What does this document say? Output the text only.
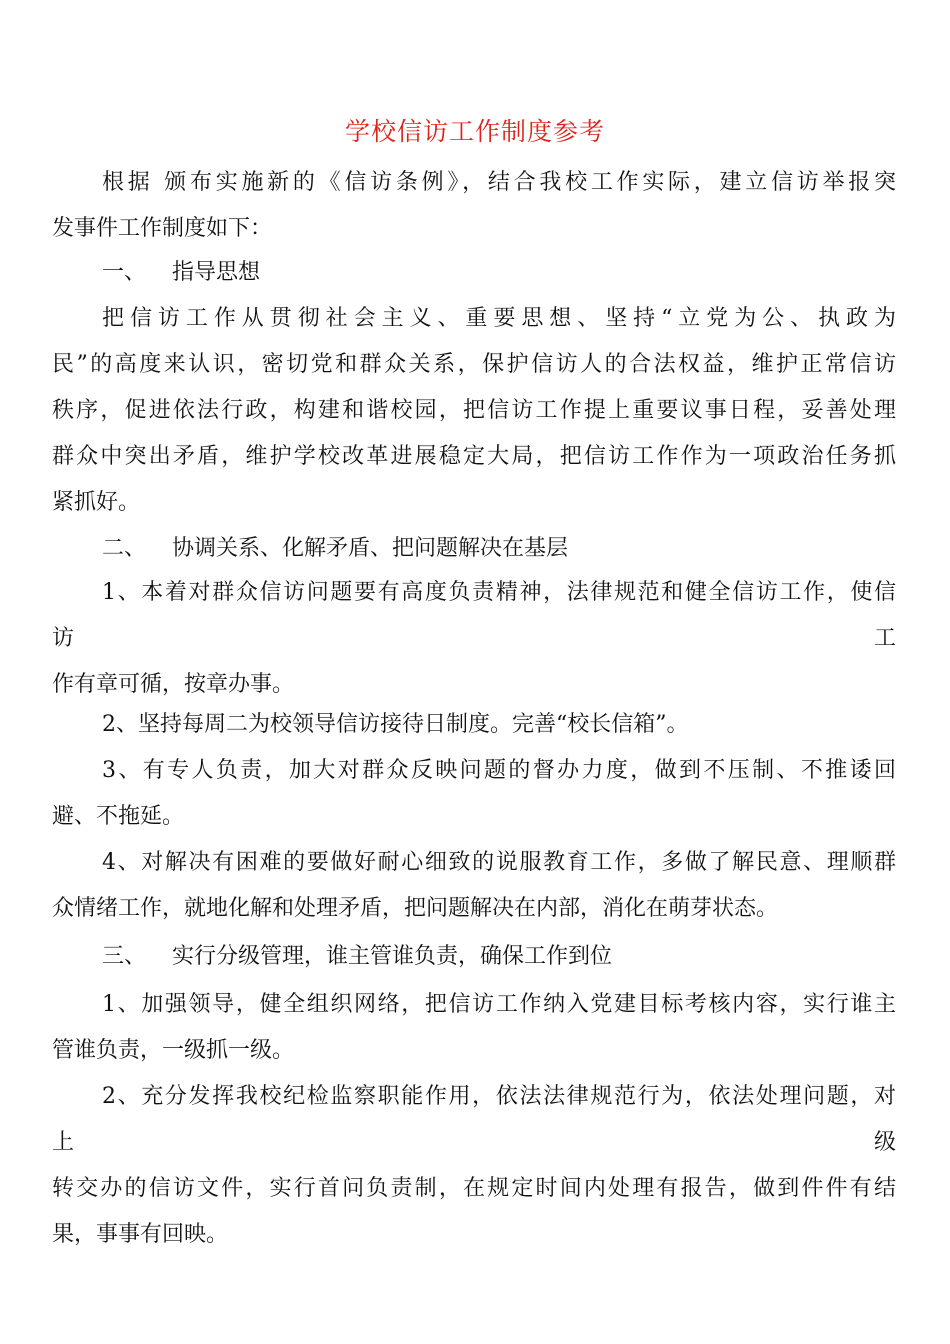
学校信访工作制度参考
根据 颁布实施新的《信访条例》，结合我校工作实际，建立信访举报突
发事件工作制度如下：
一、 指导思想
把信访工作从贯彻社会主义、重要思想、坚持“立党为公、执政为
民”的高度来认识，密切党和群众关系，保护信访人的合法权益，维护正常信访
秩序，促进依法行政，构建和谐校园，把信访工作提上重要议事日程，妥善处理
群众中突出矛盾，维护学校改革进展稳定大局，把信访工作作为一项政治任务抓
紧抓好。
二、 协调关系、化解矛盾、把问题解决在基层
1、本着对群众信访问题要有高度负责精神，法律规范和健全信访工作，使信
访	工
作有章可循，按章办事。
2、坚持每周二为校领导信访接待日制度。完善“校长信箱”。
3、有专人负责，加大对群众反映问题的督办力度，做到不压制、不推诿回
避、不拖延。
4、对解决有困难的要做好耐心细致的说服教育工作，多做了解民意、理顺群
众情绪工作，就地化解和处理矛盾，把问题解决在内部，消化在萌芽状态。
三、 实行分级管理，谁主管谁负责，确保工作到位
1、加强领导，健全组织网络，把信访工作纳入党建目标考核内容，实行谁主
管谁负责，一级抓一级。
2、充分发挥我校纪检监察职能作用，依法法律规范行为，依法处理问题，对
上	级
转交办的信访文件，实行首问负责制，在规定时间内处理有报告，做到件件有结
果，事事有回映。
